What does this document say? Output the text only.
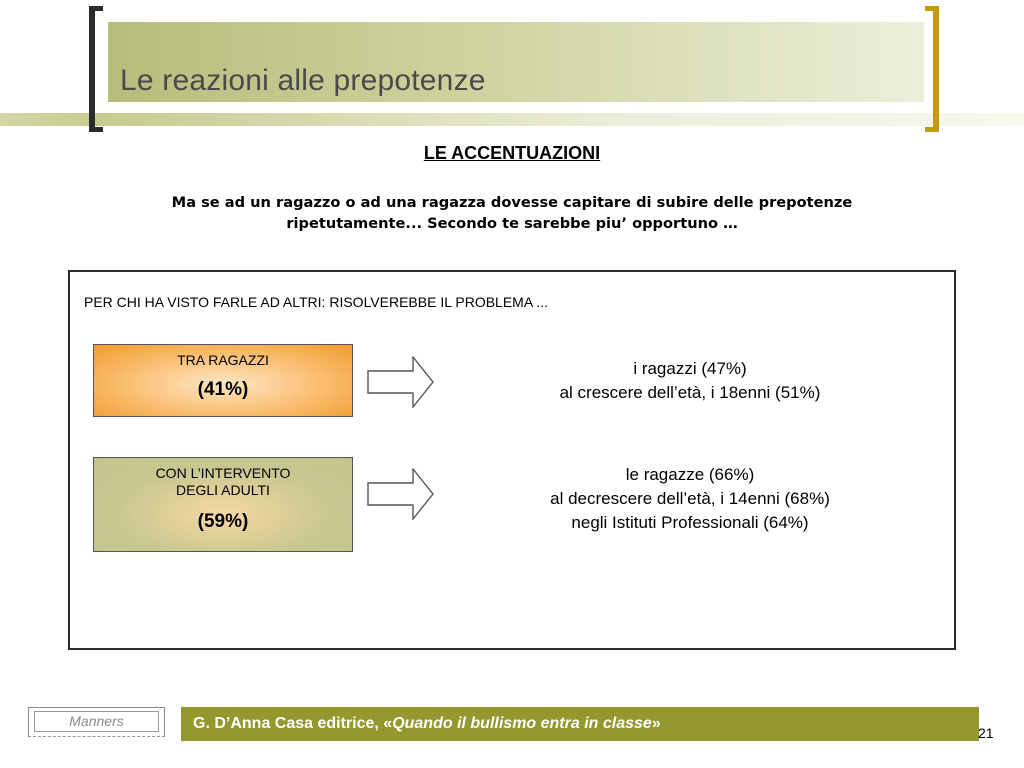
Le reazioni alle prepotenze
LE ACCENTUAZIONI
Ma se ad un ragazzo o ad una ragazza dovesse capitare di subire delle prepotenze
ripetutamente... Secondo te sarebbe piu’ opportuno …
PER CHI HA VISTO FARLE AD ALTRI: RISOLVEREBBE IL PROBLEMA ...
TRA RAGAZZI
(41%)
i ragazzi (47%)
al crescere dell’età, i 18enni (51%)
CON L’INTERVENTO DEGLI ADULTI
(59%)
le ragazze (66%)
al decrescere dell’età, i 14enni (68%)
negli Istituti Professionali (64%)
Manners	G. D’Anna Casa editrice, «Quando il bullismo entra in classe»
21
